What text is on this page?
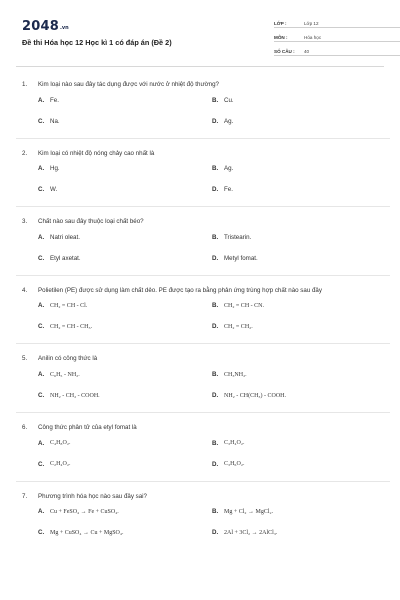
2048.vn
Đề thi Hóa học 12 Học kì 1 có đáp án (Đề 2)
LỚP :	Lớp 12
MÔN :	Hóa học
SỐ CÂU :	40
1.	Kim loại nào sau đây tác dụng được với nước ở nhiệt độ thường?
A. Fe.	B. Cu.
C. Na.	D. Ag.
2.	Kim loại có nhiệt độ nóng chảy cao nhất là
A. Hg.	B. Ag.
C. W.	D. Fe.
3.	Chất nào sau đây thuộc loại chất béo?
A. Natri oleat.	B. Tristearin.
C. Etyl axetat.	D. Metyl fomat.
4.	Polietilen (PE) được sử dụng làm chất dẻo. PE được tạo ra bằng phản ứng trùng hợp chất nào sau đây
A. CH₂ = CH - Cl.	B. CH₂ = CH - CN.
C. CH₂ = CH - CH₃.	D. CH₂ = CH₂.
5.	Anilin có công thức là
A. C₆H₅ - NH₂.	B. CH₃NH₂.
C. NH₂ - CH₂ - COOH.	D. NH₂ - CH(CH₃) - COOH.
6.	Công thức phân tử của etyl fomat là
A. C₄H₈O₂.	B. C₃H₄O₂.
C. C₂H₄O₂.	D. C₃H₆O₂.
7.	Phương trình hóa học nào sau đây sai?
A. Cu + FeSO₄ → Fe + CuSO₄.	B. Mg + Cl₂ → MgCl₂.
C. Mg + CuSO₄ → Cu + MgSO₄.	D. 2Al + 3Cl₂ → 2AlCl₃.
